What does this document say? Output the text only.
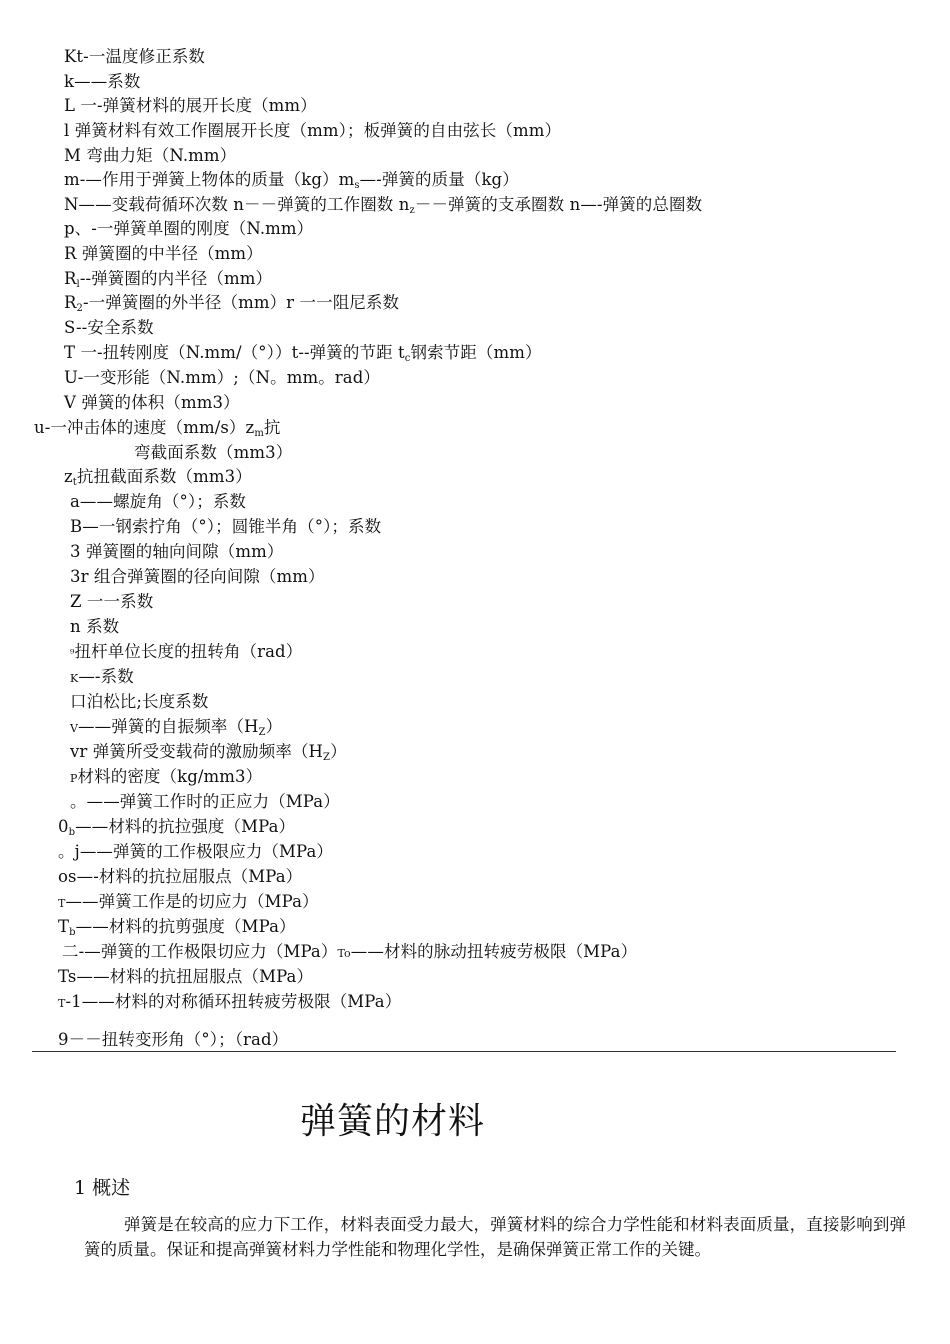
Kt-一温度修正系数
k——系数
L 一-弹簧材料的展开长度（mm）
l 弹簧材料有效工作圈展开长度（mm）；板弹簧的自由弦长（mm）
M 弯曲力矩（N.mm）
m-—作用于弹簧上物体的质量$(kg)m_s—-$弹簧的质量（kg）
N——变载荷循环次数 n－－弹簧的工作圈数 $n_z--$弹簧的支承圈数 n—-弹簧的总圈数
p、-一弹簧单圈的刚度（N.mm）
R 弹簧圈的中半径（mm）
$R_l--$弹簧圈的内半径（mm）
$R_2-$一弹簧圈的外半径（mm）r 一一阻尼系数
S--安全系数
T 一-扭转刚度（N.mm/（°））t--弹簧的节距 $t_c$钢索节距（mm）
U-一变形能（N.mm）;（N。mm。rad）
V 弹簧的体积（mm3）
u-一冲击体的速度$(mm/s)z_m$抗
弯截面系数（mm3）
$z_t$抗扭截面系数（mm3）
a——螺旋角（°）；系数
B—一钢索拧角（°）；圆锥半角（°）；系数
3 弹簧圈的轴向间隙（mm）
3r 组合弹簧圈的径向间隙（mm）
Z 一一系数
n 系数
⁹扭杆单位长度的扭转角（rad）
K—-系数
口泊松比;长度系数
V——弹簧的自振频率$(H_Z)$
vr 弹簧所受变载荷的激励频率$(H_Z)$
P材料的密度（kg/mm3）
。——弹簧工作时的正应力（MPa）
$0_b——$材料的抗拉强度（MPa）
。j——弹簧的工作极限应力（MPa）
os—-材料的抗拉屈服点（MPa）
T——弹簧工作是的切应力（MPa）
$T_b——$材料的抗剪强度（MPa）
二-—弹簧的工作极限切应力（MPa）To——材料的脉动扭转疲劳极限（MPa）
Ts——材料的抗扭屈服点（MPa）
T-1——材料的对称循环扭转疲劳极限（MPa）
9－－扭转变形角（°）；（rad）
弹簧的材料
1 概述
弹簧是在较高的应力下工作，材料表面受力最大，弹簧材料的综合力学性能和材料表面质量，直接影响到弹簧的质量。保证和提高弹簧材料力学性能和物理化学性，是确保弹簧正常工作的关键。
